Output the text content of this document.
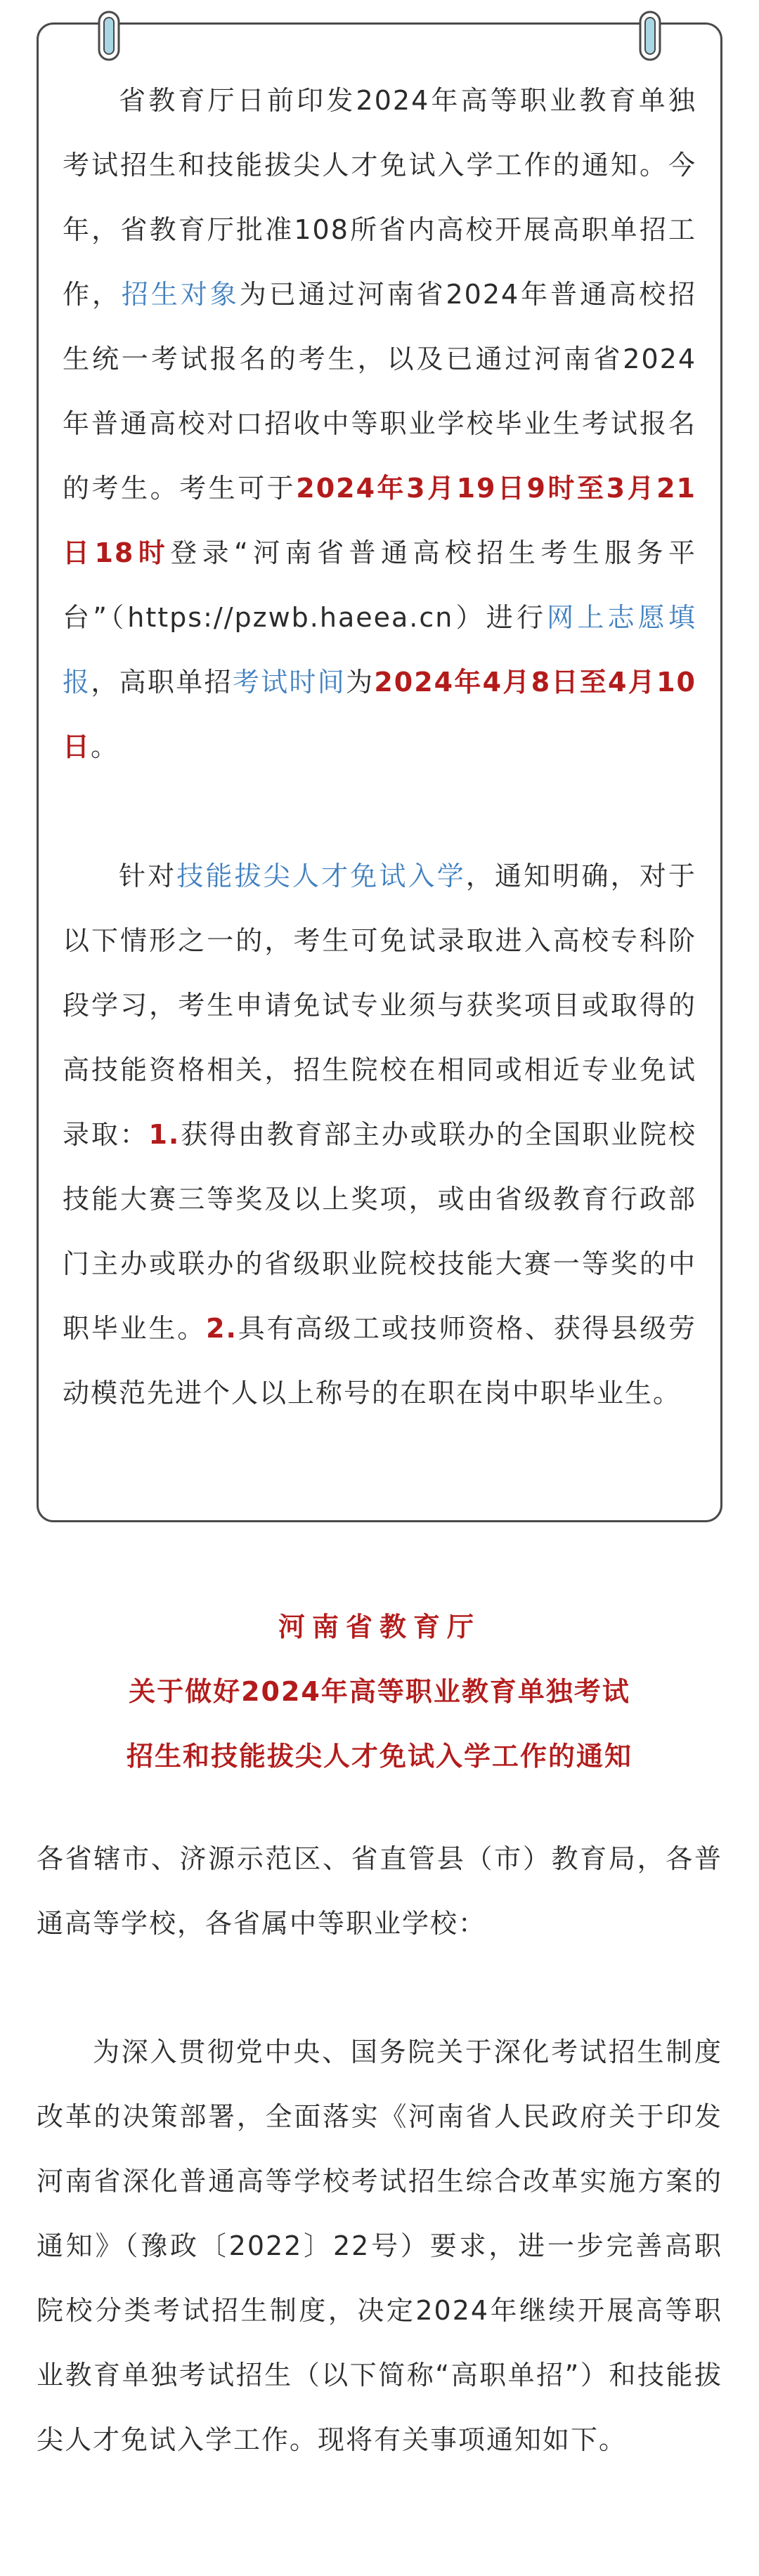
省教育厅日前印发2024年高等职业教育单独考试招生和技能拔尖人才免试入学工作的通知。今年，省教育厅批准108所省内高校开展高职单招工作，招生对象为已通过河南省2024年普通高校招生统一考试报名的考生，以及已通过河南省2024年普通高校对口招收中等职业学校毕业生考试报名的考生。考生可于2024年3月19日9时至3月21日18时登录“河南省普通高校招生考生服务平台”（https://pzwb.haeea.cn）进行网上志愿填报，高职单招考试时间为2024年4月8日至4月10日。

针对技能拔尖人才免试入学，通知明确，对于以下情形之一的，考生可免试录取进入高校专科阶段学习，考生申请免试专业须与获奖项目或取得的高技能资格相关，招生院校在相同或相近专业免试录取：1.获得由教育部主办或联办的全国职业院校技能大赛三等奖及以上奖项，或由省级教育行政部门主办或联办的省级职业院校技能大赛一等奖的中职毕业生。2.具有高级工或技师资格、获得县级劳动模范先进个人以上称号的在职在岗中职毕业生。

河南省教育厅
关于做好2024年高等职业教育单独考试
招生和技能拔尖人才免试入学工作的通知

各省辖市、济源示范区、省直管县（市）教育局，各普通高等学校，各省属中等职业学校：

为深入贯彻党中央、国务院关于深化考试招生制度改革的决策部署，全面落实《河南省人民政府关于印发河南省深化普通高等学校考试招生综合改革实施方案的通知》（豫政〔2022〕22号）要求，进一步完善高职院校分类考试招生制度，决定2024年继续开展高等职业教育单独考试招生（以下简称“高职单招”）和技能拔尖人才免试入学工作。现将有关事项通知如下。
